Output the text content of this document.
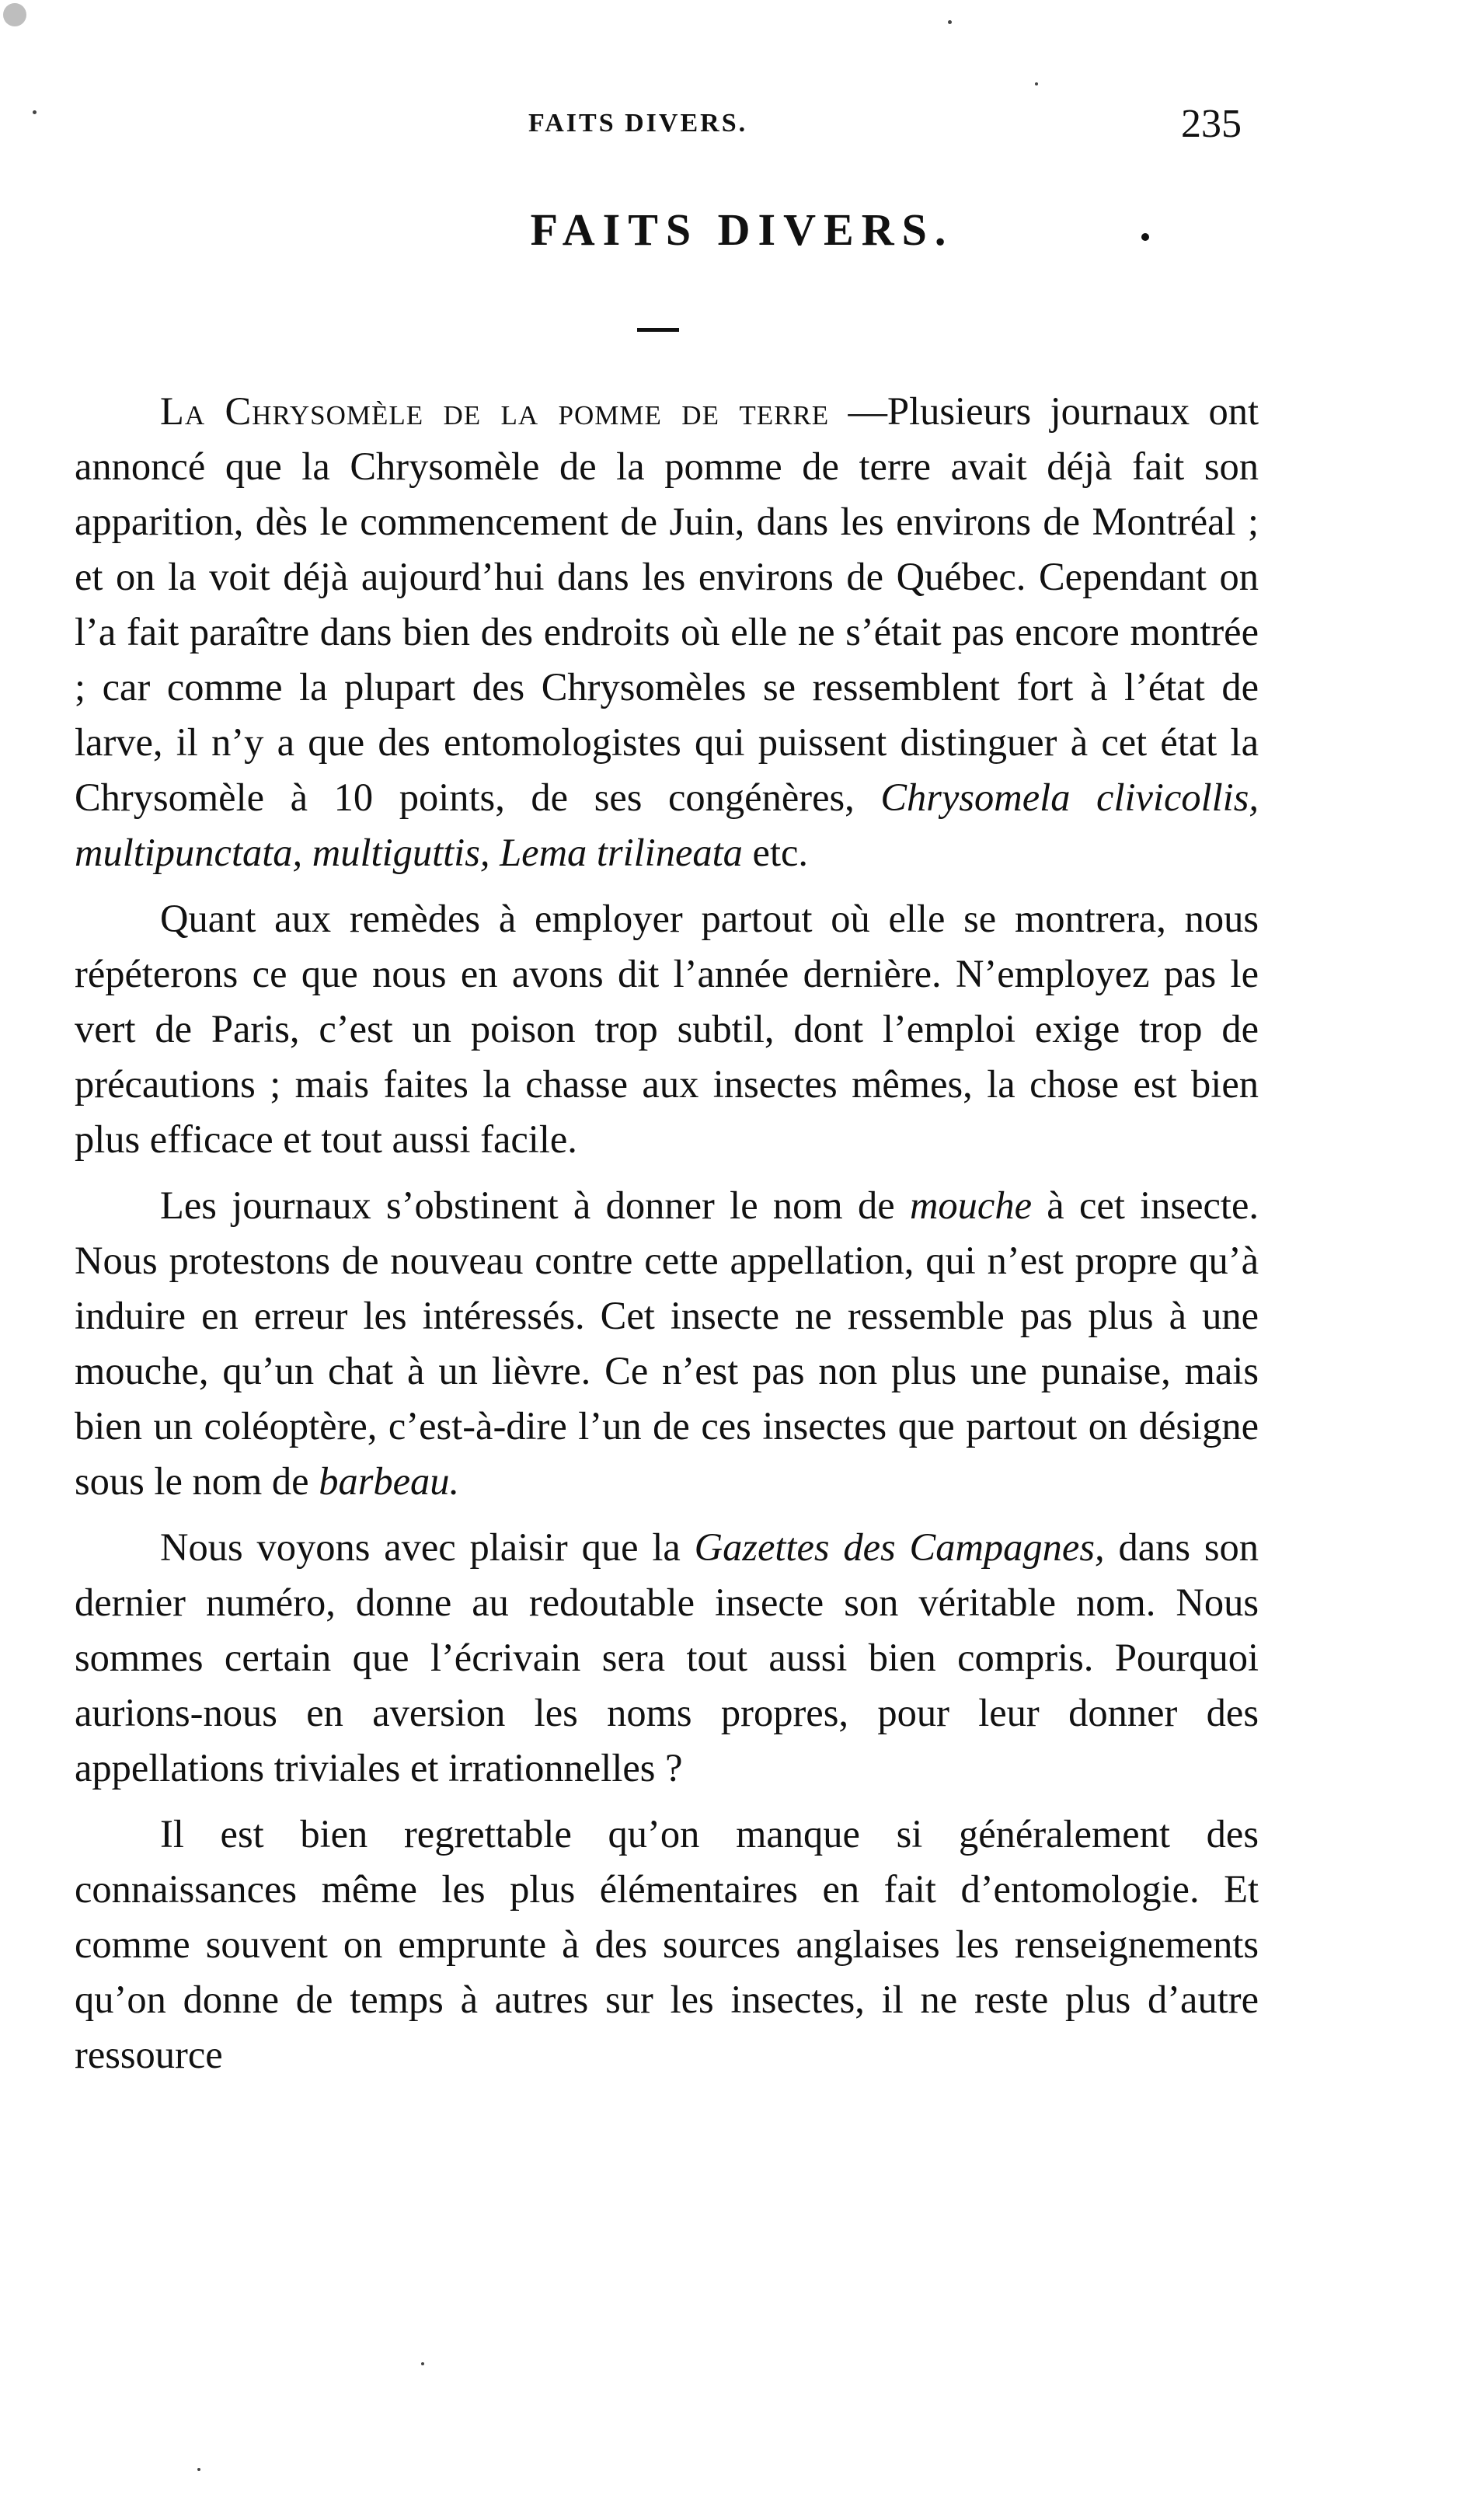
FAITS DIVERS.	235
FAITS DIVERS.

La Chrysomèle de la pomme de terre —Plusieurs journaux ont annoncé que la Chrysomèle de la pomme de terre avait déjà fait son apparition, dès le commencement de Juin, dans les environs de Montréal ; et on la voit déjà aujourd’hui dans les environs de Québec. Cependant on l’a fait paraître dans bien des endroits où elle ne s’était pas encore montrée ; car comme la plupart des Chrysomèles se ressemblent fort à l’état de larve, il n’y a que des entomologistes qui puissent distinguer à cet état la Chrysomèle à 10 points, de ses congénères, Chrysomela clivicollis, multipunctata, multiguttis, Lema trilineata etc.

Quant aux remèdes à employer partout où elle se montrera, nous répéterons ce que nous en avons dit l’année dernière. N’employez pas le vert de Paris, c’est un poison trop subtil, dont l’emploi exige trop de précautions ; mais faites la chasse aux insectes mêmes, la chose est bien plus efficace et tout aussi facile.

Les journaux s’obstinent à donner le nom de mouche à cet insecte. Nous protestons de nouveau contre cette appellation, qui n’est propre qu’à induire en erreur les intéressés. Cet insecte ne ressemble pas plus à une mouche, qu’un chat à un lièvre. Ce n’est pas non plus une punaise, mais bien un coléoptère, c’est-à-dire l’un de ces insectes que partout on désigne sous le nom de barbeau.

Nous voyons avec plaisir que la Gazettes des Campagnes, dans son dernier numéro, donne au redoutable insecte son véritable nom. Nous sommes certain que l’écrivain sera tout aussi bien compris. Pourquoi aurions-nous en aversion les noms propres, pour leur donner des appellations triviales et irrationnelles ?

Il est bien regrettable qu’on manque si généralement des connaissances même les plus élémentaires en fait d’entomologie. Et comme souvent on emprunte à des sources anglaises les renseignements qu’on donne de temps à autres sur les insectes, il ne reste plus d’autre ressource
